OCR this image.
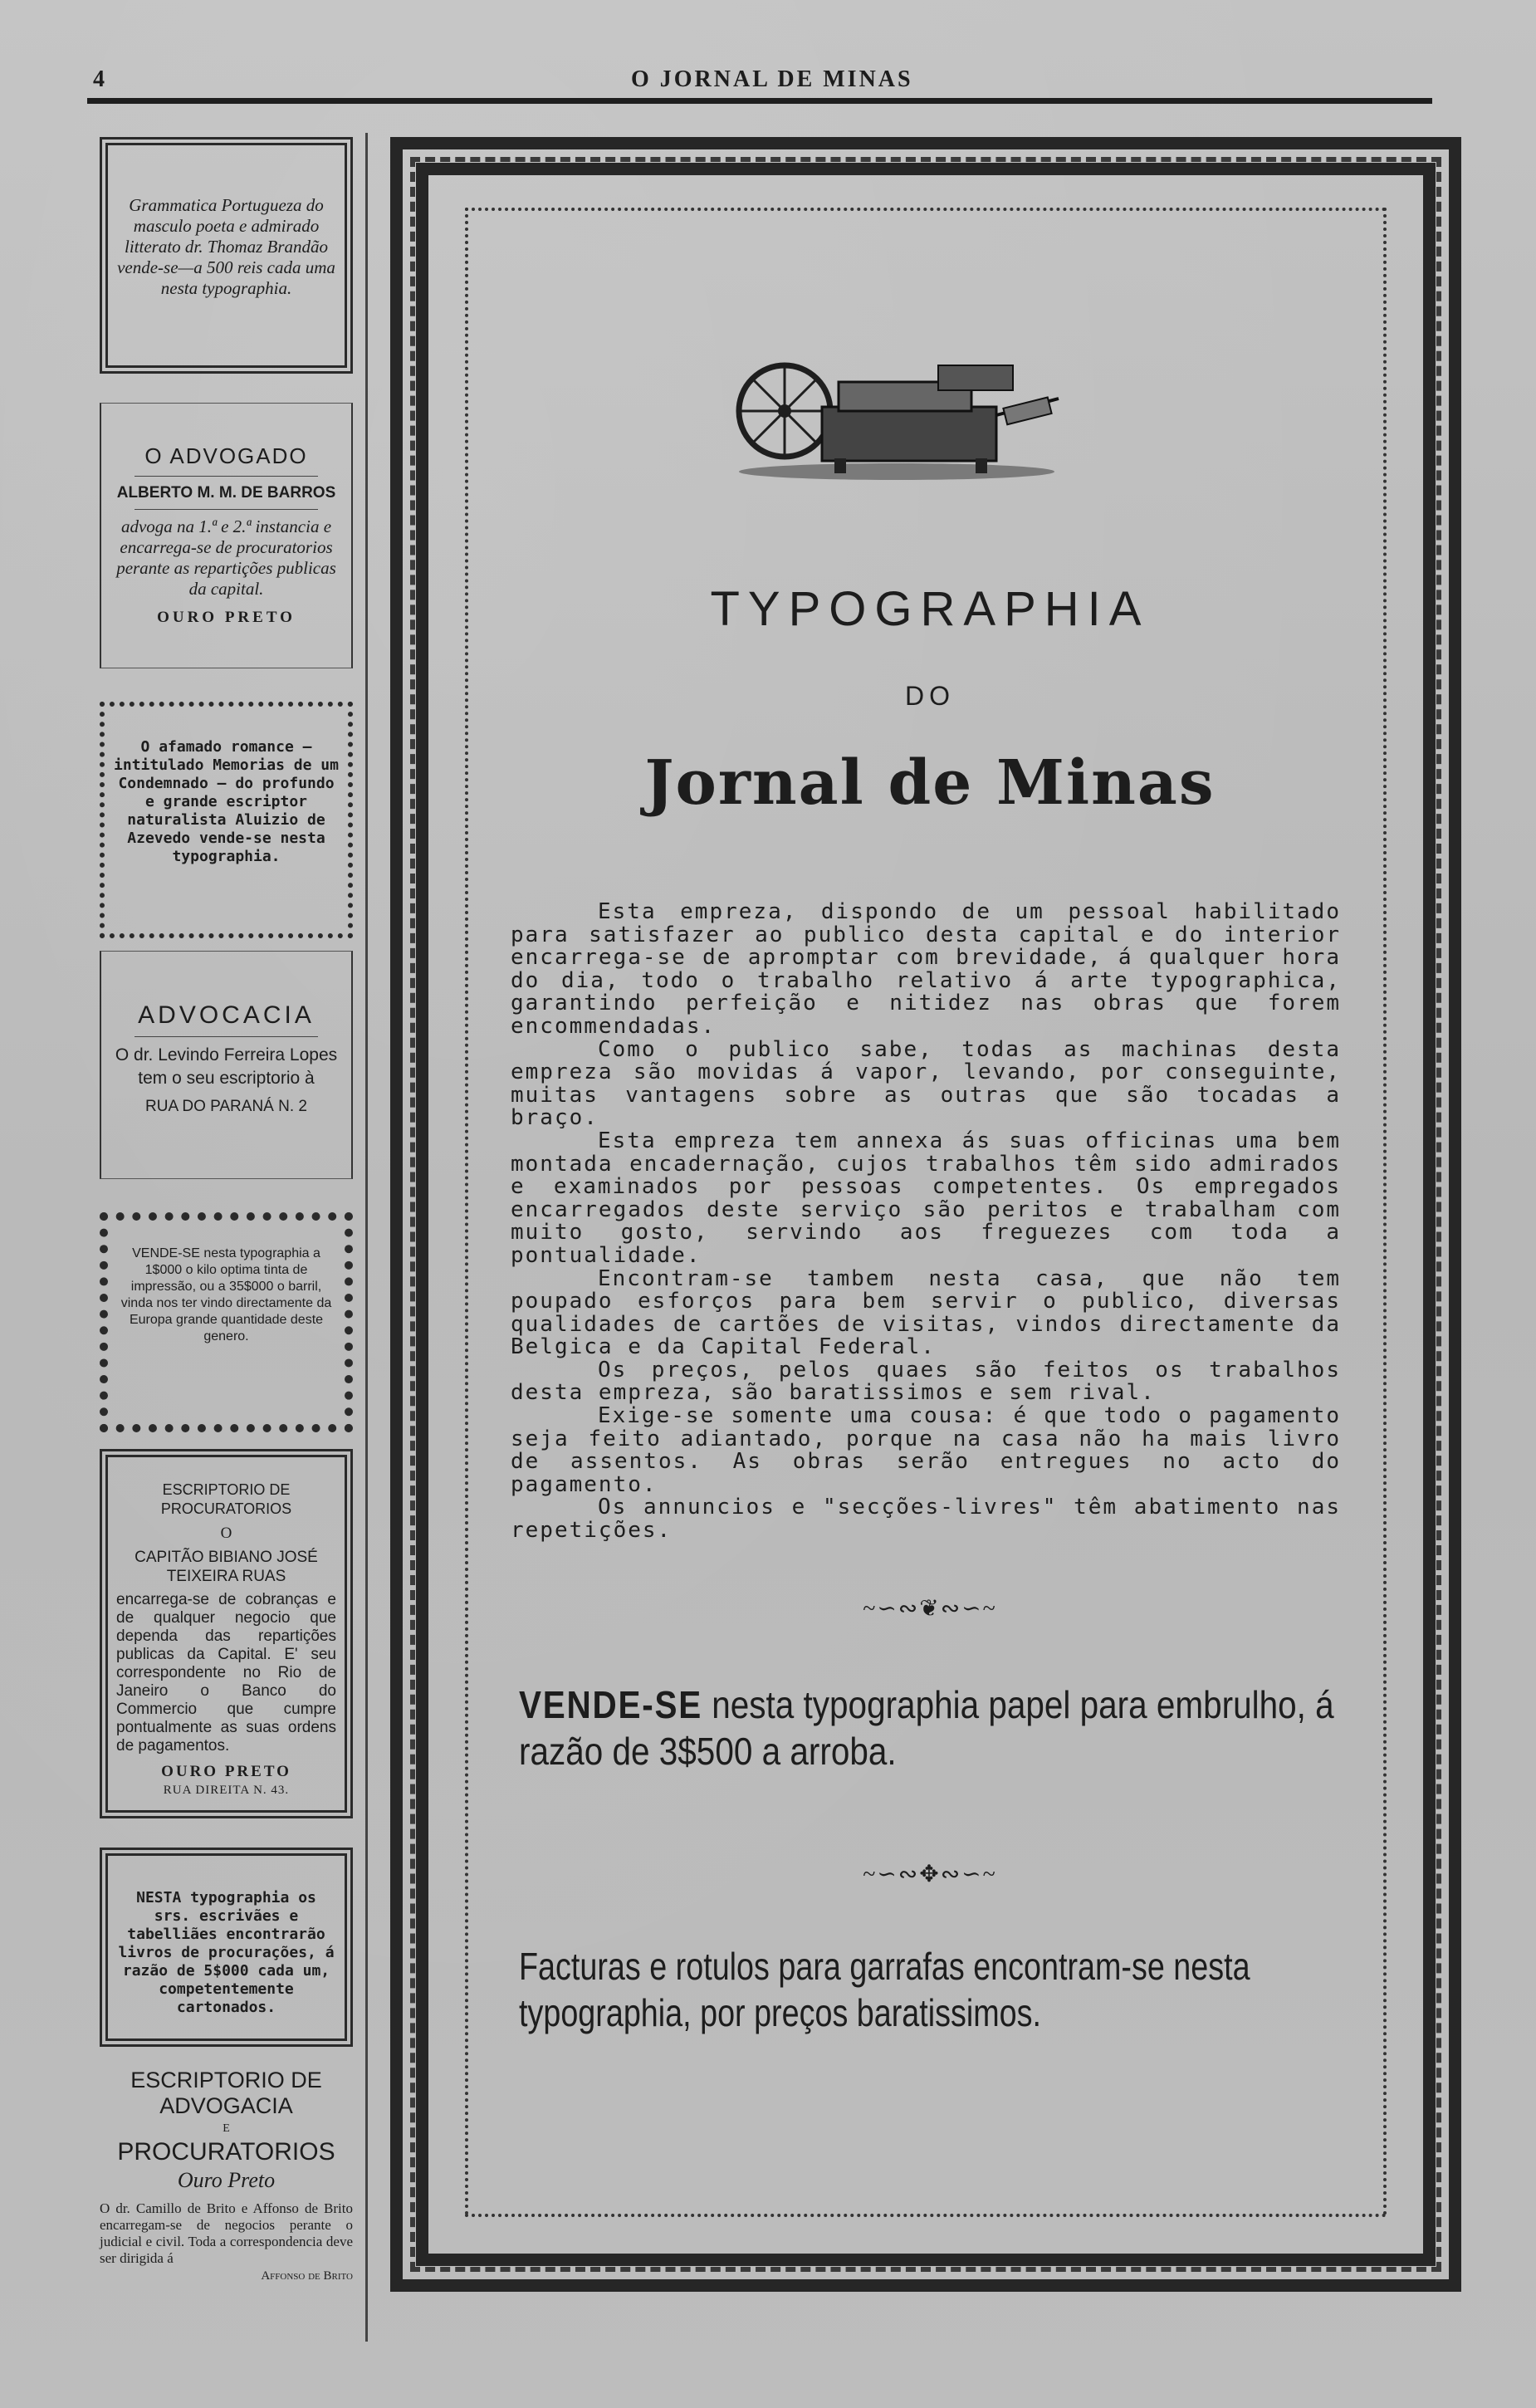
4	O JORNAL DE MINAS
Grammatica Portugueza do masculo poeta e admirado litterato dr. Thomaz Brandão vende-se—a 500 reis cada uma nesta typographia.
O ADVOGADO
ALBERTO M. M. DE BARROS
advoga na 1.ª e 2.ª instancia e encarrega-se de procuratorios perante as repartições publicas da capital.
OURO PRETO
O afamado romance – intitulado Memorias de um Condemnado – do profundo e grande escriptor naturalista Aluizio de Azevedo vende-se nesta typographia.
ADVOCACIA
O dr. Levindo Ferreira Lopes tem o seu escriptorio à
RUA DO PARANÁ N. 2
VENDE-SE nesta typographia a 1$000 o kilo optima tinta de impressão, ou a 35$000 o barril, vinda nos ter vindo directamente da Europa grande quantidade deste genero.
ESCRIPTORIO DE PROCURATORIOS
O
CAPITÃO BIBIANO JOSÉ TEIXEIRA RUAS
encarrega-se de cobranças e de qualquer negocio que dependa das repartições publicas da Capital. E' seu correspondente no Rio de Janeiro o Banco do Commercio que cumpre pontualmente as suas ordens de pagamentos.
OURO PRETO
RUA DIREITA N. 43.
NESTA typographia os srs. escrivães e tabelliães encontrarão livros de procurações, á razão de 5$000 cada um, competentemente cartonados.
ESCRIPTORIO DE ADVOGACIA
E
PROCURATORIOS
Ouro Preto
O dr. Camillo de Brito e Affonso de Brito encarregam-se de negocios perante o judicial e civil. Toda a correspondencia deve ser dirigida á
Affonso de Brito
TYPOGRAPHIA
DO
Jornal de Minas

Esta empreza, dispondo de um pessoal habilitado para satisfazer ao publico desta capital e do interior encarrega-se de apromptar com brevidade, á qualquer hora do dia, todo o trabalho relativo á arte typographica, garantindo perfeição e nitidez nas obras que forem encommendadas.

Como o publico sabe, todas as machinas desta empreza são movidas á vapor, levando, por conseguinte, muitas vantagens sobre as outras que são tocadas a braço.

Esta empreza tem annexa ás suas officinas uma bem montada encadernação, cujos trabalhos têm sido admirados e examinados por pessoas competentes. Os empregados encarregados deste serviço são peritos e trabalham com muito gosto, servindo aos freguezes com toda a pontualidade.

Encontram-se tambem nesta casa, que não tem poupado esforços para bem servir o publico, diversas qualidades de cartões de visitas, vindos directamente da Belgica e da Capital Federal.

Os preços, pelos quaes são feitos os trabalhos desta empreza, são baratissimos e sem rival.

Exige-se somente uma cousa: é que todo o pagamento seja feito adiantado, porque na casa não ha mais livro de assentos. As obras serão entregues no acto do pagamento.

Os annuncios e "secções-livres" têm abatimento nas repetições.

~∽∾❦∾∽~
VENDE-SE nesta typographia papel para embrulho, á razão de 3$500 a arroba.
~∽∾✥∾∽~
Facturas e rotulos para garrafas encontram-se nesta typographia, por preços baratissimos.
